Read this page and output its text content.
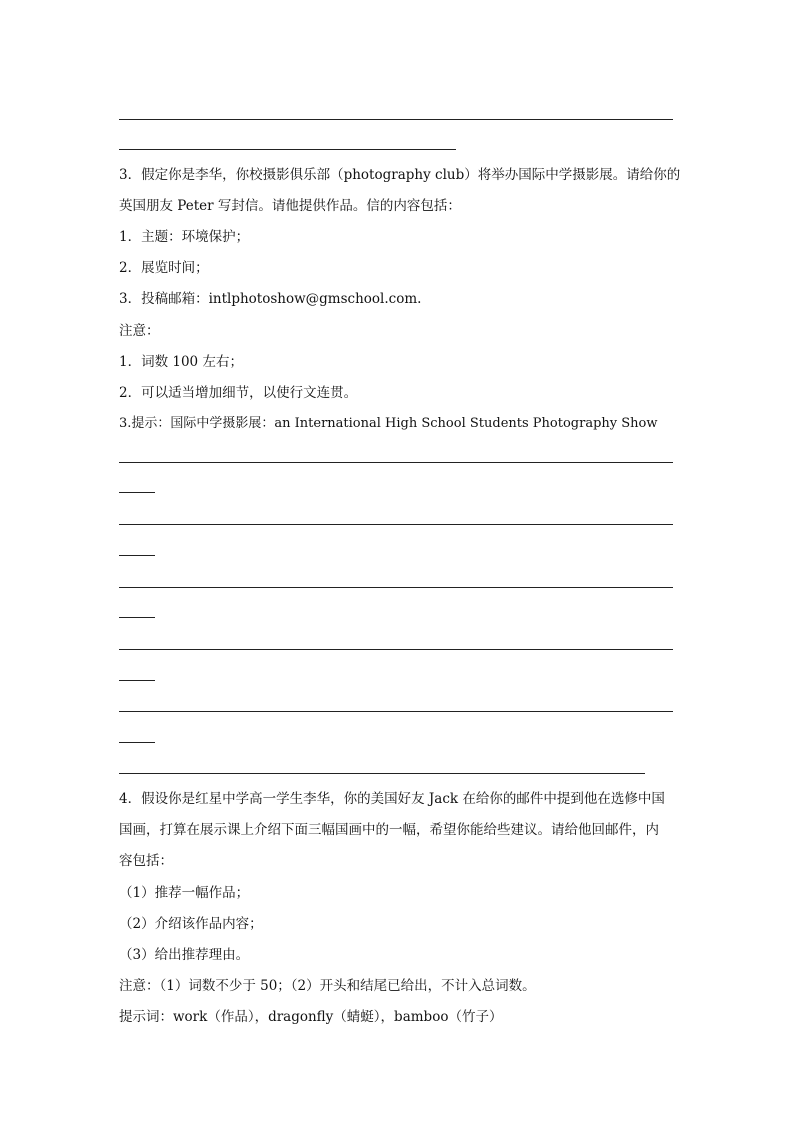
3．假定你是李华，你校摄影俱乐部（photography club）将举办国际中学摄影展。请给你的
英国朋友 Peter 写封信。请他提供作品。信的内容包括：
1．主题：环境保护；
2．展览时间；
3．投稿邮箱：intlphotoshow@gmschool.com.
注意：
1．词数 100 左右；
2．可以适当增加细节，以使行文连贯。
3.提示：国际中学摄影展：an International High School Students Photography Show
4．假设你是红星中学高一学生李华，你的美国好友 Jack 在给你的邮件中提到他在选修中国
国画，打算在展示课上介绍下面三幅国画中的一幅，希望你能给些建议。请给他回邮件，内
容包括：
（1）推荐一幅作品；
（2）介绍该作品内容；
（3）给出推荐理由。
注意：（1）词数不少于 50；（2）开头和结尾已给出，不计入总词数。
提示词：work（作品），dragonfly（蜻蜓），bamboo（竹子）
